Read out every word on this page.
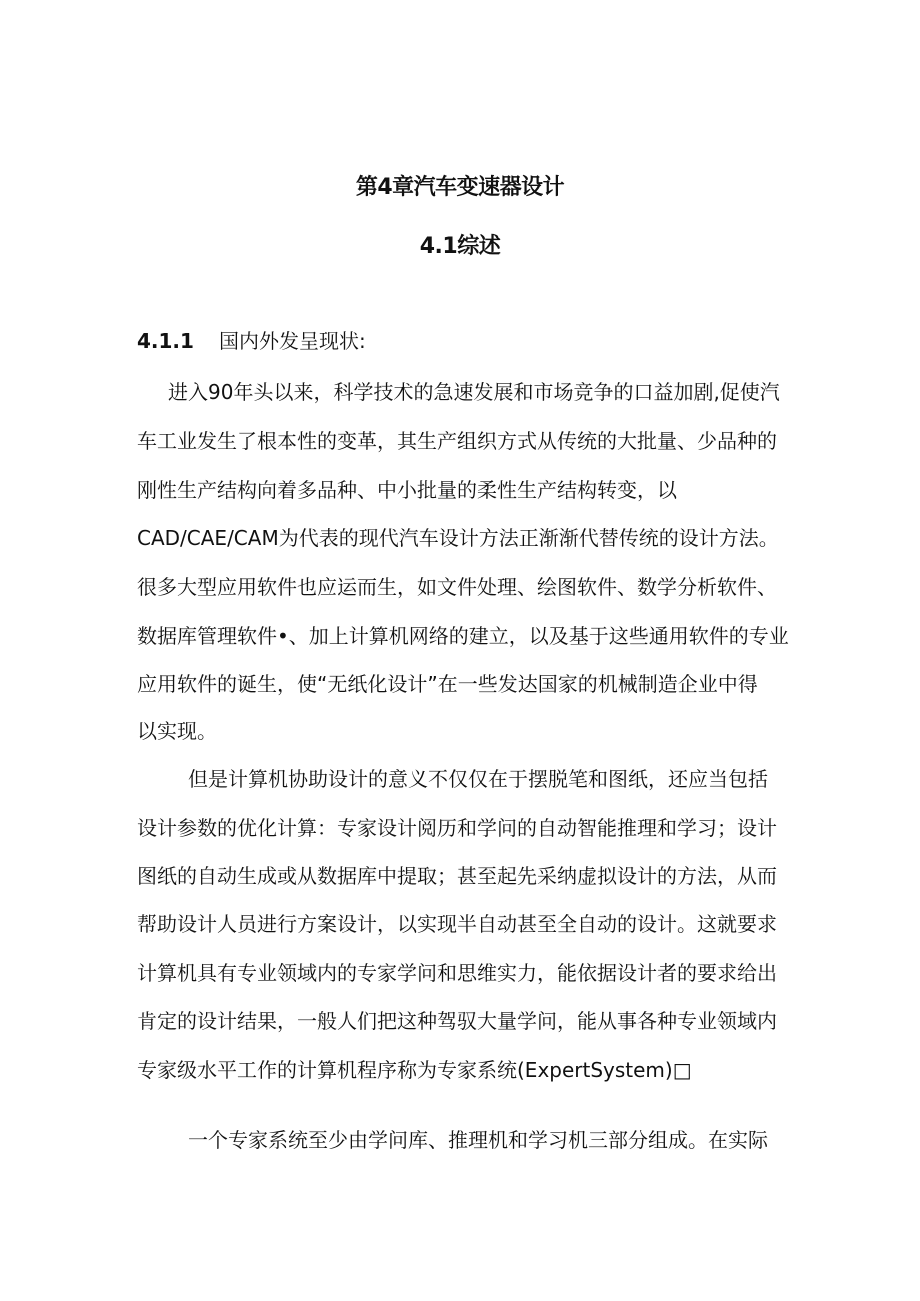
第4章汽车变速器设计
4.1综述
4.1.1 国内外发呈现状:
进入90年头以来，科学技术的急速发展和市场竞争的口益加剧,促使汽
车工业发生了根本性的变革，其生产组织方式从传统的大批量、少品种的
刚性生产结构向着多品种、中小批量的柔性生产结构转变，以
CAD/CAE/CAM为代表的现代汽车设计方法正渐渐代替传统的设计方法。
很多大型应用软件也应运而生，如文件处理、绘图软件、数学分析软件、
数据库管理软件•、加上计算机网络的建立，以及基于这些通用软件的专业
应用软件的诞生，使“无纸化设计”在一些发达国家的机械制造企业中得
以实现。
但是计算机协助设计的意义不仅仅在于摆脱笔和图纸，还应当包括
设计参数的优化计算：专家设计阅历和学问的自动智能推理和学习；设计
图纸的自动生成或从数据库中提取；甚至起先采纳虚拟设计的方法，从而
帮助设计人员进行方案设计，以实现半自动甚至全自动的设计。这就要求
计算机具有专业领域内的专家学问和思维实力，能依据设计者的要求给出
肯定的设计结果，一般人们把这种驾驭大量学问，能从事各种专业领域内
专家级水平工作的计算机程序称为专家系统(ExpertSystem)□
一个专家系统至少由学问库、推理机和学习机三部分组成。在实际
